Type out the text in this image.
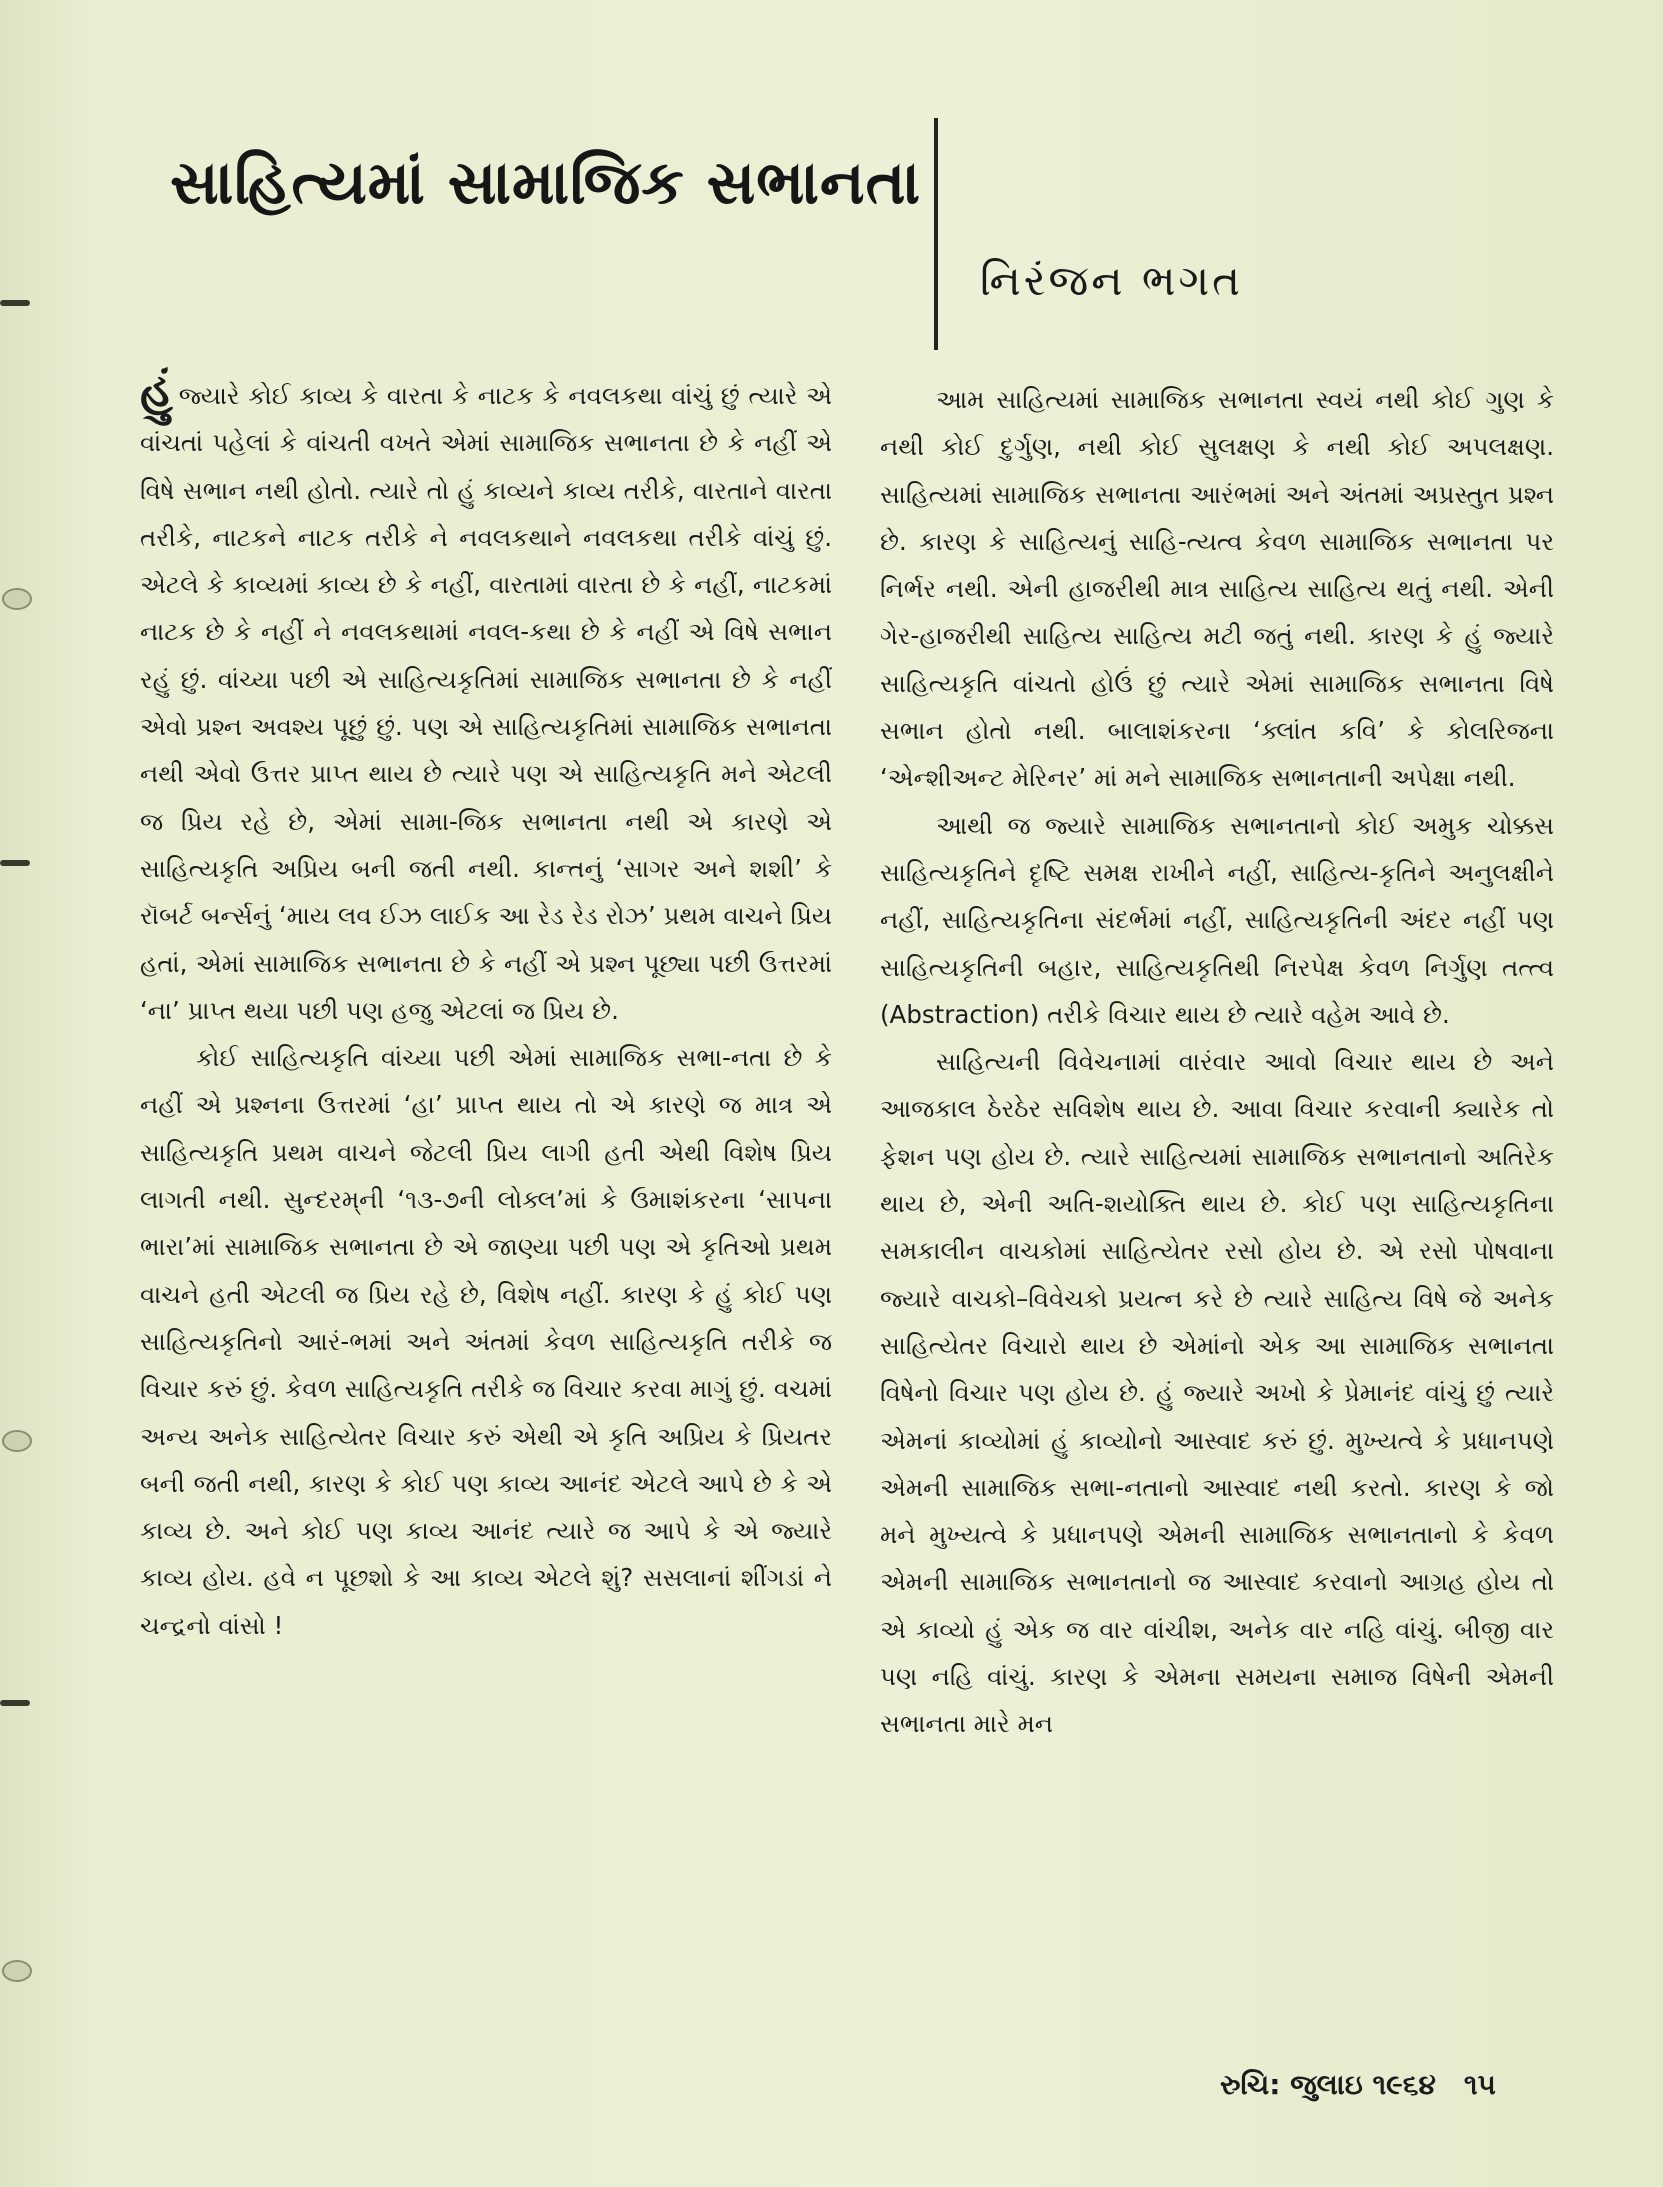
સાહિત્યમાં સામાજિક સભાનતા
નિરંજન ભગત

હુંજ્યારે કોઈ કાવ્ય કે વારતા કે નાટક કે નવલકથા વાંચું છું ત્યારે એ વાંચતાં પહેલાં કે વાંચતી વખતે એમાં સામાજિક સભાનતા છે કે નહીં એ વિષે સભાન નથી હોતો. ત્યારે તો હું કાવ્યને કાવ્ય તરીકે, વારતાને વારતા તરીકે, નાટકને નાટક તરીકે ને નવલકથાને નવલકથા તરીકે વાંચું છું. એટલે કે કાવ્યમાં કાવ્ય છે કે નહીં, વારતામાં વારતા છે કે નહીં, નાટકમાં નાટક છે કે નહીં ને નવલકથામાં નવલ-કથા છે કે નહીં એ વિષે સભાન રહું છું. વાંચ્યા પછી એ સાહિત્યકૃતિમાં સામાજિક સભાનતા છે કે નહીં એવો પ્રશ્ન અવશ્ય પૂછું છું. પણ એ સાહિત્યકૃતિમાં સામાજિક સભાનતા નથી એવો ઉત્તર પ્રાપ્ત થાય છે ત્યારે પણ એ સાહિત્યકૃતિ મને એટલી જ પ્રિય રહે છે, એમાં સામા-જિક સભાનતા નથી એ કારણે એ સાહિત્યકૃતિ અપ્રિય બની જતી નથી. કાન્તનું ‘સાગર અને શશી’ કે રૉબર્ટ બર્ન્સનું ‘માય લવ ઈઝ લાઈક આ રેડ રેડ રોઝ’ પ્રથમ વાચને પ્રિય હતાં, એમાં સામાજિક સભાનતા છે કે નહીં એ પ્રશ્ન પૂછ્યા પછી ઉત્તરમાં ‘ના’ પ્રાપ્ત થયા પછી પણ હજુ એટલાં જ પ્રિય છે.

કોઈ સાહિત્યકૃતિ વાંચ્યા પછી એમાં સામાજિક સભા-નતા છે કે નહીં એ પ્રશ્નના ઉત્તરમાં ‘હા’ પ્રાપ્ત થાય તો એ કારણે જ માત્ર એ સાહિત્યકૃતિ પ્રથમ વાચને જેટલી પ્રિય લાગી હતી એથી વિશેષ પ્રિય લાગતી નથી. સુન્દરમ્‌ની ‘૧૩-૭ની લોક્લ’માં કે ઉમાશંકરના ‘સાપના ભારા’માં સામાજિક સભાનતા છે એ જાણ્યા પછી પણ એ કૃતિઓ પ્રથમ વાચને હતી એટલી જ પ્રિય રહે છે, વિશેષ નહીં. કારણ કે હું કોઈ પણ સાહિત્યકૃતિનો આરં-ભમાં અને અંતમાં કેવળ સાહિત્યકૃતિ તરીકે જ વિચાર કરું છું. કેવળ સાહિત્યકૃતિ તરીકે જ વિચાર કરવા માગું છું. વચમાં અન્ય અનેક સાહિત્યેતર વિચાર કરું એથી એ કૃતિ અપ્રિય કે પ્રિયતર બની જતી નથી, કારણ કે કોઈ પણ કાવ્ય આનંદ એટલે આપે છે કે એ કાવ્ય છે. અને કોઈ પણ કાવ્ય આનંદ ત્યારે જ આપે કે એ જ્યારે કાવ્ય હોય. હવે ન પૂછશો કે આ કાવ્ય એટલે શું? સસલાનાં શીંગડાં ને ચન્દ્રનો વાંસો !

આમ સાહિત્યમાં સામાજિક સભાનતા સ્વયં નથી કોઈ ગુણ કે નથી કોઈ દુર્ગુણ, નથી કોઈ સુલક્ષણ કે નથી કોઈ અપલક્ષણ. સાહિત્યમાં સામાજિક સભાનતા આરંભમાં અને અંતમાં અપ્રસ્તુત પ્રશ્ન છે. કારણ કે સાહિત્યનું સાહિ-ત્યત્વ કેવળ સામાજિક સભાનતા પર નિર્ભર નથી. એની હાજરીથી માત્ર સાહિત્ય સાહિત્ય થતું નથી. એની ગેર-હાજરીથી સાહિત્ય સાહિત્ય મટી જતું નથી. કારણ કે હું જ્યારે સાહિત્યકૃતિ વાંચતો હોઉં છું ત્યારે એમાં સામાજિક સભાનતા વિષે સભાન હોતો નથી. બાલાશંકરના ‘ક્લાંત કવિ’ કે કોલરિજના ‘એન્શીઅન્ટ મેરિનર’ માં મને સામાજિક સભાનતાની અપેક્ષા નથી.

આથી જ જ્યારે સામાજિક સભાનતાનો કોઈ અમુક ચોક્કસ સાહિત્યકૃતિને દૃષ્ટિ સમક્ષ રાખીને નહીં, સાહિત્ય-કૃતિને અનુલક્ષીને નહીં, સાહિત્યકૃતિના સંદર્ભમાં નહીં, સાહિત્યકૃતિની અંદર નહીં પણ સાહિત્યકૃતિની બહાર, સાહિત્યકૃતિથી નિરપેક્ષ કેવળ નિર્ગુણ તત્ત્વ (Abstraction) તરીકે વિચાર થાય છે ત્યારે વહેમ આવે છે.

સાહિત્યની વિવેચનામાં વારંવાર આવો વિચાર થાય છે અને આજકાલ ઠેરઠેર સવિશેષ થાય છે. આવા વિચાર કરવાની ક્યારેક તો ફેશન પણ હોય છે. ત્યારે સાહિત્યમાં સામાજિક સભાનતાનો અતિરેક થાય છે, એની અતિ-શયોક્તિ થાય છે. કોઈ પણ સાહિત્યકૃતિના સમકાલીન વાચકોમાં સાહિત્યેતર રસો હોય છે. એ રસો પોષવાના જ્યારે વાચકો–વિવેચકો પ્રયત્ન કરે છે ત્યારે સાહિત્ય વિષે જે અનેક સાહિત્યેતર વિચારો થાય છે એમાંનો એક આ સામાજિક સભાનતા વિષેનો વિચાર પણ હોય છે. હું જ્યારે અખો કે પ્રેમાનંદ વાંચું છું ત્યારે એમનાં કાવ્યોમાં હું કાવ્યોનો આસ્વાદ કરું છું. મુખ્યત્વે કે પ્રધાનપણે એમની સામાજિક સભા-નતાનો આસ્વાદ નથી કરતો. કારણ કે જો મને મુખ્યત્વે કે પ્રધાનપણે એમની સામાજિક સભાનતાનો કે કેવળ એમની સામાજિક સભાનતાનો જ આસ્વાદ કરવાનો આગ્રહ હોય તો એ કાવ્યો હું એક જ વાર વાંચીશ, અનેક વાર નહિ વાંચું. બીજી વાર પણ નહિ વાંચું. કારણ કે એમના સમયના સમાજ વિષેની એમની સભાનતા મારે મન

રુચિ: જુલાઇ ૧૯૬૪ ૧૫
